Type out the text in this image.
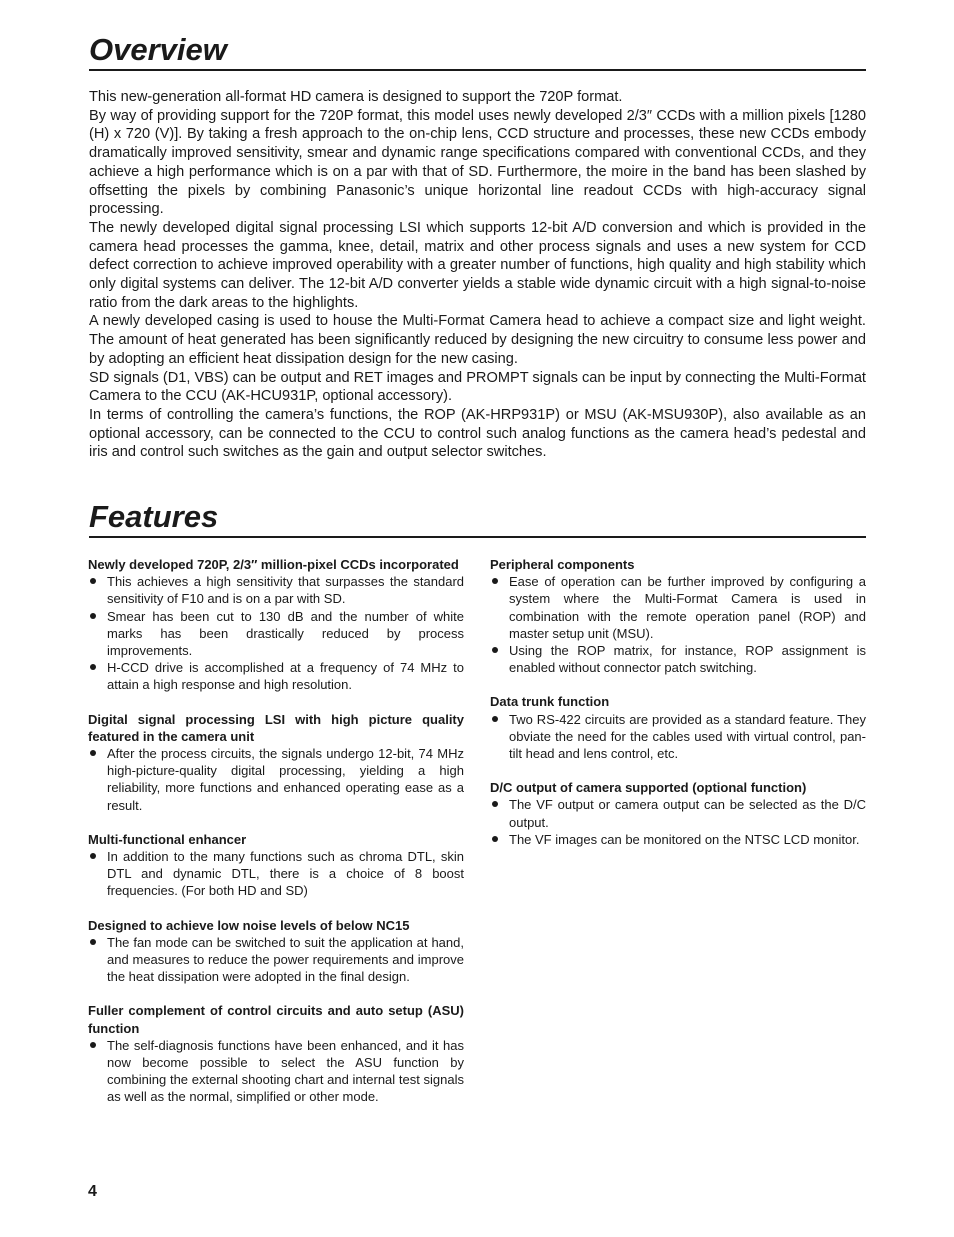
Overview

This new-generation all-format HD camera is designed to support the 720P format.

By way of providing support for the 720P format, this model uses newly developed 2/3″ CCDs with a million pixels [1280 (H) x 720 (V)]. By taking a fresh approach to the on-chip lens, CCD structure and processes, these new CCDs embody dramatically improved sensitivity, smear and dynamic range specifications compared with conventional CCDs, and they achieve a high performance which is on a par with that of SD. Furthermore, the moire in the band has been slashed by offsetting the pixels by combining Panasonic’s unique horizontal line readout CCDs with high-accuracy signal processing.

The newly developed digital signal processing LSI which supports 12-bit A/D conversion and which is provided in the camera head processes the gamma, knee, detail, matrix and other process signals and uses a new system for CCD defect correction to achieve improved operability with a greater number of functions, high quality and high stability which only digital systems can deliver. The 12-bit A/D converter yields a stable wide dynamic circuit with a high signal-to-noise ratio from the dark areas to the highlights.

A newly developed casing is used to house the Multi-Format Camera head to achieve a compact size and light weight. The amount of heat generated has been significantly reduced by designing the new circuitry to consume less power and by adopting an efficient heat dissipation design for the new casing.

SD signals (D1, VBS) can be output and RET images and PROMPT signals can be input by connecting the Multi-Format Camera to the CCU (AK-HCU931P, optional accessory).

In terms of controlling the camera’s functions, the ROP (AK-HRP931P) or MSU (AK-MSU930P), also available as an optional accessory, can be connected to the CCU to control such analog functions as the camera head’s pedestal and iris and control such switches as the gain and output selector switches.

Features
Newly developed 720P, 2/3″ million-pixel CCDs incorporated
This achieves a high sensitivity that surpasses the standard sensitivity of F10 and is on a par with SD.
Smear has been cut to 130 dB and the number of white marks has been drastically reduced by process improvements.
H-CCD drive is accomplished at a frequency of 74 MHz to attain a high response and high resolution.
Digital signal processing LSI with high picture quality featured in the camera unit
After the process circuits, the signals undergo 12-bit, 74 MHz high-picture-quality digital processing, yielding a high reliability, more functions and enhanced operating ease as a result.
Multi-functional enhancer
In addition to the many functions such as chroma DTL, skin DTL and dynamic DTL, there is a choice of 8 boost frequencies. (For both HD and SD)
Designed to achieve low noise levels of below NC15
The fan mode can be switched to suit the application at hand, and measures to reduce the power requirements and improve the heat dissipation were adopted in the final design.
Fuller complement of control circuits and auto setup (ASU) function
The self-diagnosis functions have been enhanced, and it has now become possible to select the ASU function by combining the external shooting chart and internal test signals as well as the normal, simplified or other mode.
Peripheral components
Ease of operation can be further improved by configuring a system where the Multi-Format Camera is used in combination with the remote operation panel (ROP) and master setup unit (MSU).
Using the ROP matrix, for instance, ROP assignment is enabled without connector patch switching.
Data trunk function
Two RS-422 circuits are provided as a standard feature. They obviate the need for the cables used with virtual control, pan-tilt head and lens control, etc.
D/C output of camera supported (optional function)
The VF output or camera output can be selected as the D/C output.
The VF images can be monitored on the NTSC LCD monitor.
4
